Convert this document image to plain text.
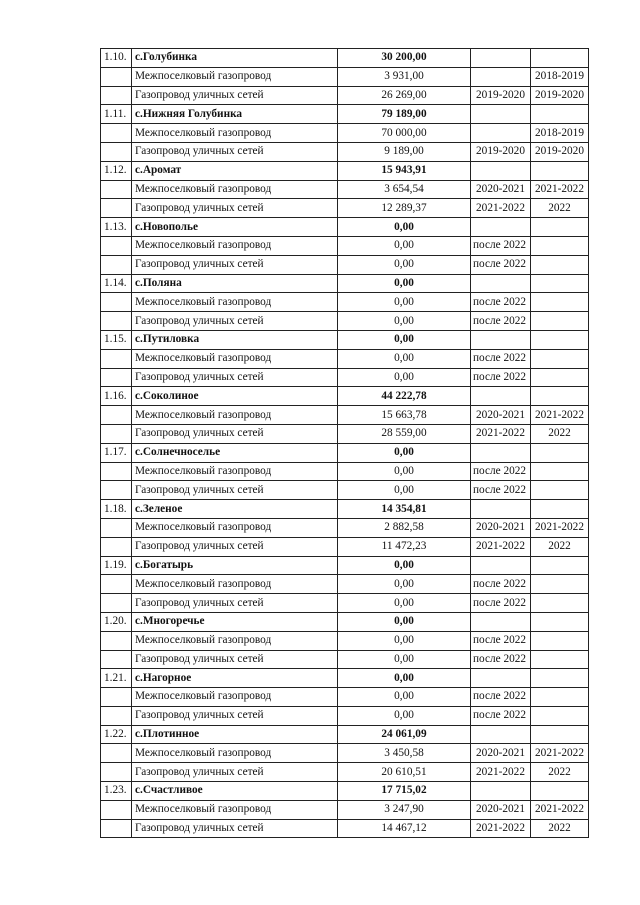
1.10.	с.Голубинка	30 200,00		
	Межпоселковый газопровод	3 931,00		2018-2019
	Газопровод уличных сетей	26 269,00	2019-2020	2019-2020
1.11.	с.Нижняя Голубинка	79 189,00		
	Межпоселковый газопровод	70 000,00		2018-2019
	Газопровод уличных сетей	9 189,00	2019-2020	2019-2020
1.12.	с.Аромат	15 943,91		
	Межпоселковый газопровод	3 654,54	2020-2021	2021-2022
	Газопровод уличных сетей	12 289,37	2021-2022	2022
1.13.	с.Новополье	0,00		
	Межпоселковый газопровод	0,00	после 2022	
	Газопровод уличных сетей	0,00	после 2022	
1.14.	с.Поляна	0,00		
	Межпоселковый газопровод	0,00	после 2022	
	Газопровод уличных сетей	0,00	после 2022	
1.15.	с.Путиловка	0,00		
	Межпоселковый газопровод	0,00	после 2022	
	Газопровод уличных сетей	0,00	после 2022	
1.16.	с.Соколиное	44 222,78		
	Межпоселковый газопровод	15 663,78	2020-2021	2021-2022
	Газопровод уличных сетей	28 559,00	2021-2022	2022
1.17.	с.Солнечноселье	0,00		
	Межпоселковый газопровод	0,00	после 2022	
	Газопровод уличных сетей	0,00	после 2022	
1.18.	с.Зеленое	14 354,81		
	Межпоселковый газопровод	2 882,58	2020-2021	2021-2022
	Газопровод уличных сетей	11 472,23	2021-2022	2022
1.19.	с.Богатырь	0,00		
	Межпоселковый газопровод	0,00	после 2022	
	Газопровод уличных сетей	0,00	после 2022	
1.20.	с.Многоречье	0,00		
	Межпоселковый газопровод	0,00	после 2022	
	Газопровод уличных сетей	0,00	после 2022	
1.21.	с.Нагорное	0,00		
	Межпоселковый газопровод	0,00	после 2022	
	Газопровод уличных сетей	0,00	после 2022	
1.22.	с.Плотинное	24 061,09		
	Межпоселковый газопровод	3 450,58	2020-2021	2021-2022
	Газопровод уличных сетей	20 610,51	2021-2022	2022
1.23.	с.Счастливое	17 715,02		
	Межпоселковый газопровод	3 247,90	2020-2021	2021-2022
	Газопровод уличных сетей	14 467,12	2021-2022	2022
